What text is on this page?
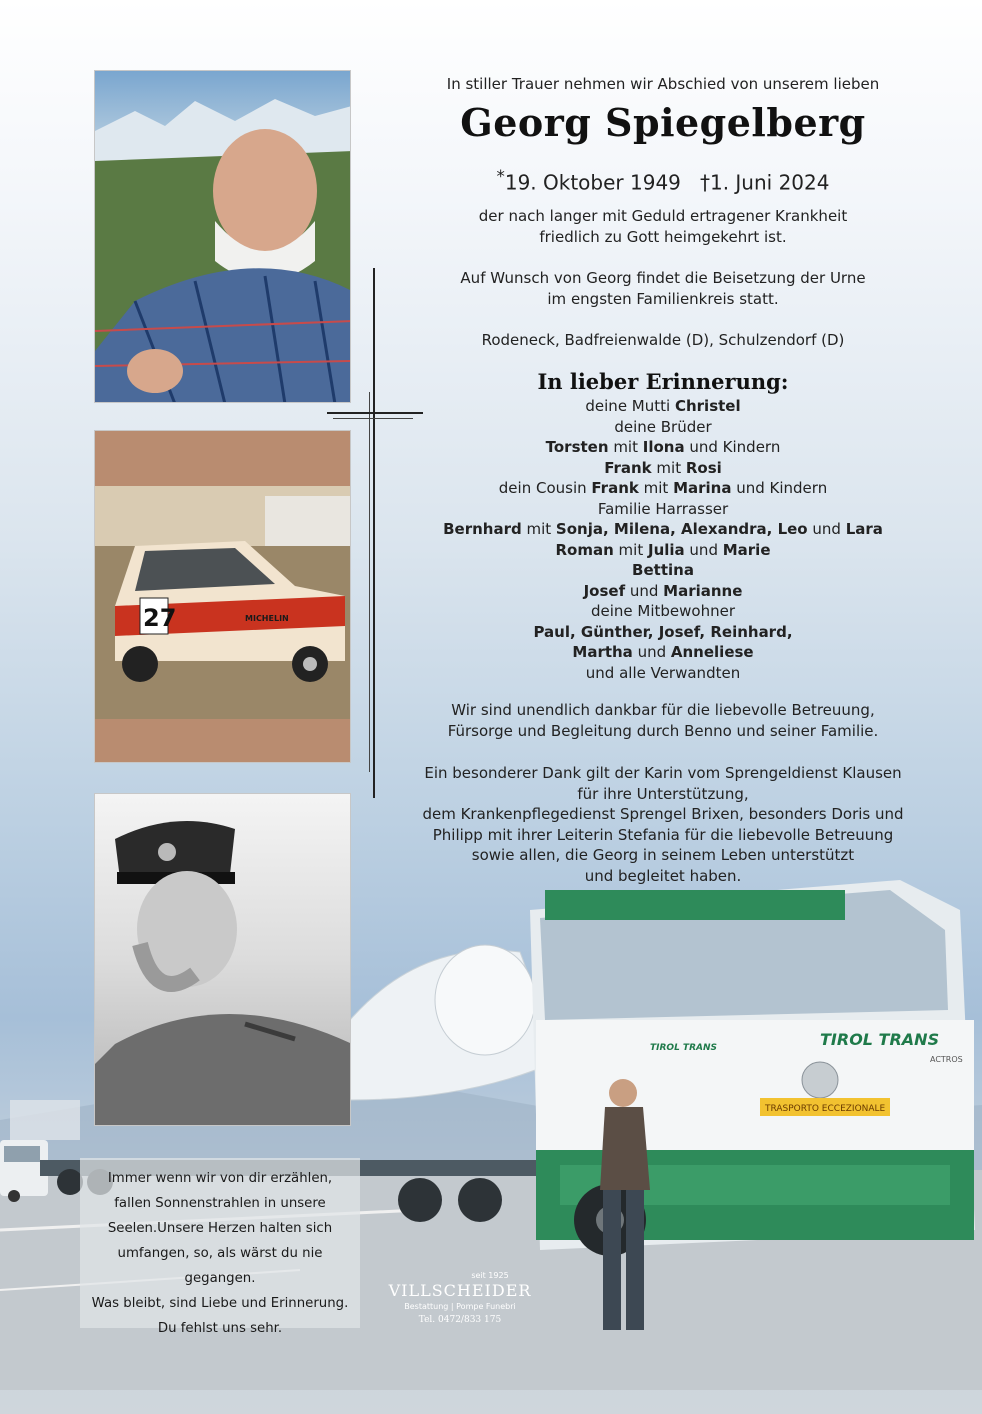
TRASPORTO ECCEZIONALE
TIROL TRANS
TIROL TRANS
ACTROS
27	MICHELIN
In stiller Trauer nehmen wir Abschied von unserem lieben
Georg Spiegelberg
*19. Oktober 1949 †1. Juni 2024
der nach langer mit Geduld ertragener Krankheit
friedlich zu Gott heimgekehrt ist.
Auf Wunsch von Georg findet die Beisetzung der Urne
im engsten Familienkreis statt.
Rodeneck, Badfreienwalde (D), Schulzendorf (D)
In lieber Erinnerung:
deine Mutti Christel
deine Brüder
Torsten mit Ilona und Kindern
Frank mit Rosi
dein Cousin Frank mit Marina und Kindern
Familie Harrasser
Bernhard mit Sonja, Milena, Alexandra, Leo und Lara
Roman mit Julia und Marie
Bettina
Josef und Marianne
deine Mitbewohner
Paul, Günther, Josef, Reinhard,
Martha und Anneliese
und alle Verwandten
Wir sind unendlich dankbar für die liebevolle Betreuung,
Fürsorge und Begleitung durch Benno und seiner Familie.
Ein besonderer Dank gilt der Karin vom Sprengeldienst Klausen
für ihre Unterstützung,
dem Krankenpflegedienst Sprengel Brixen, besonders Doris und
Philipp mit ihrer Leiterin Stefania für die liebevolle Betreuung
sowie allen, die Georg in seinem Leben unterstützt
und begleitet haben.
Immer wenn wir von dir erzählen,
fallen Sonnenstrahlen in unsere
Seelen.Unsere Herzen halten sich
umfangen, so, als wärst du nie gegangen.
Was bleibt, sind Liebe und Erinnerung.
Du fehlst uns sehr.
seit 1925
VILLSCHEIDER
Bestattung | Pompe Funebri
Tel. 0472/833 175
